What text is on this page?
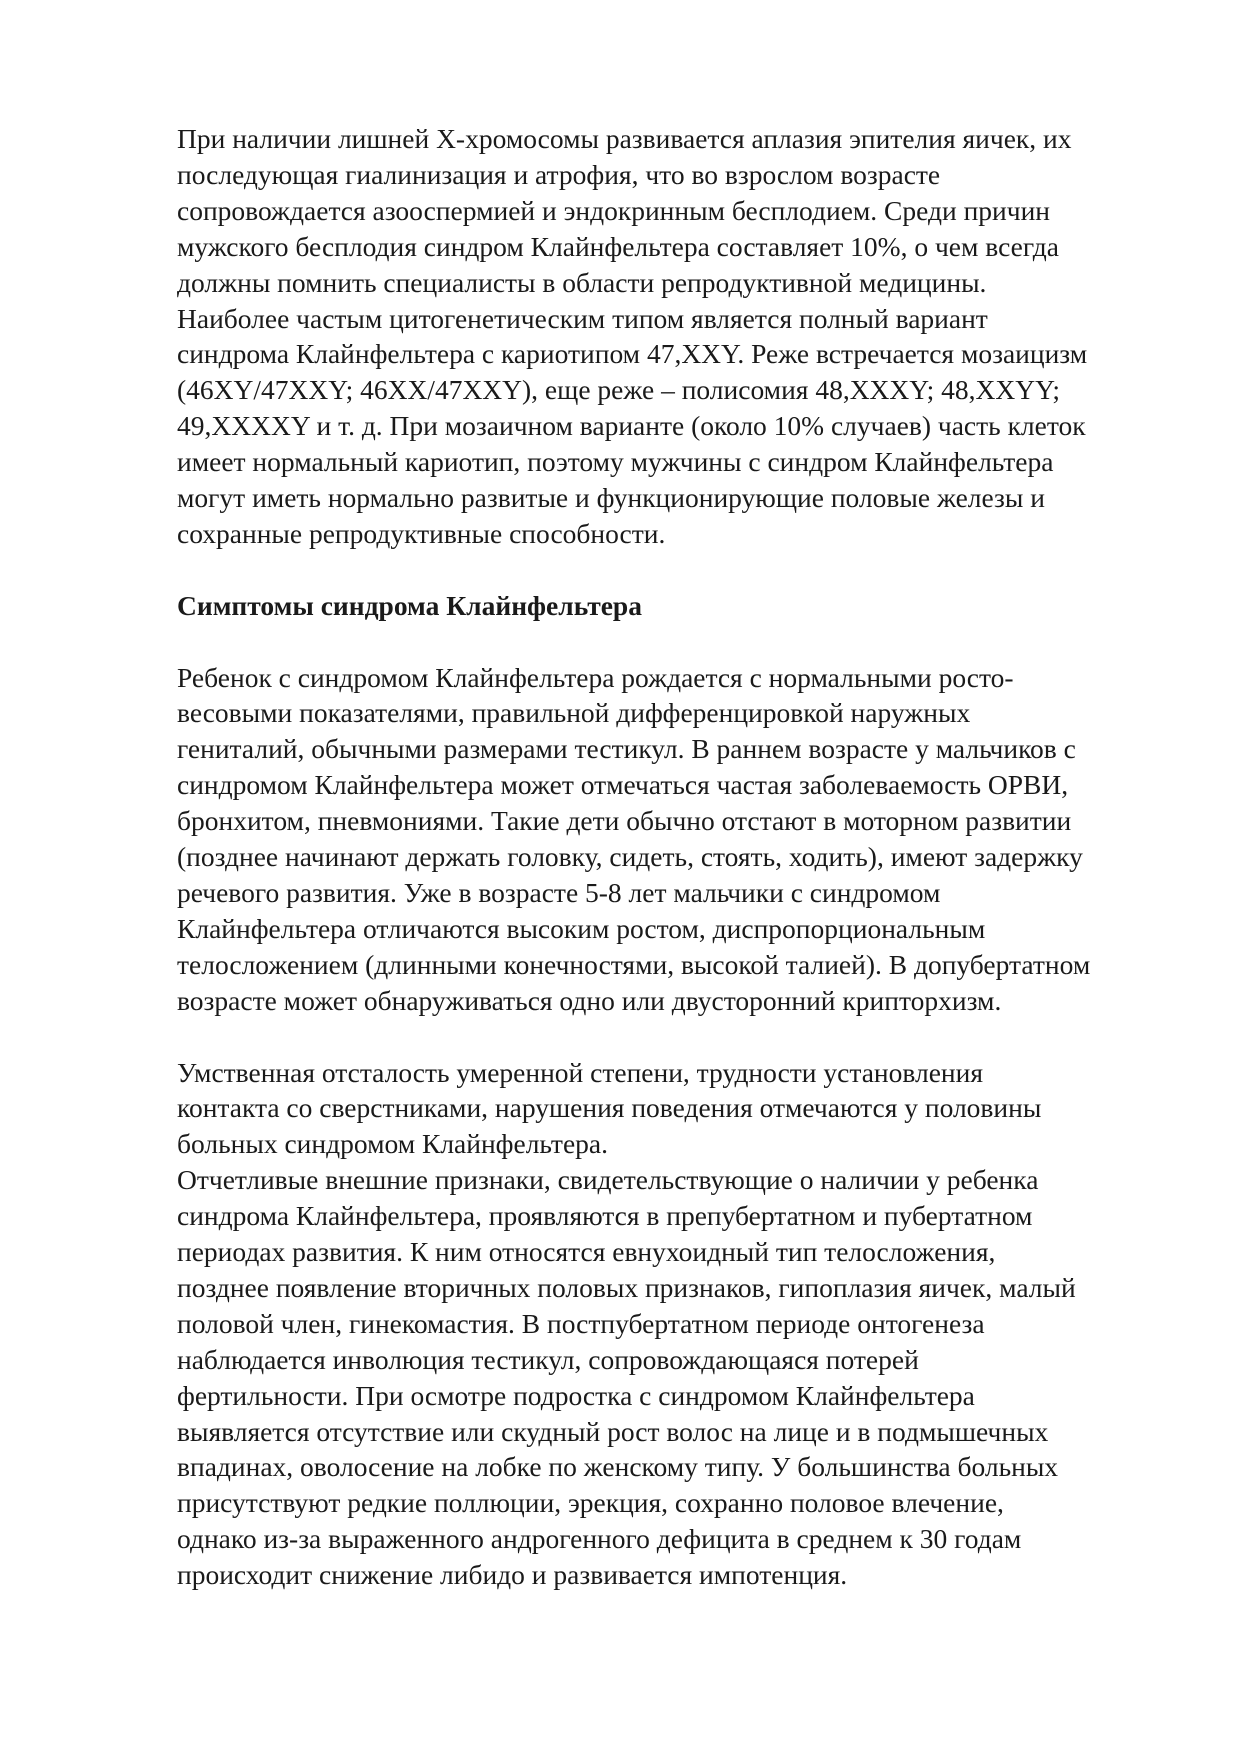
При наличии лишней Х-хромосомы развивается аплазия эпителия яичек, их
последующая гиалинизация и атрофия, что во взрослом возрасте
сопровождается азооспермией и эндокринным бесплодием. Среди причин
мужского бесплодия синдром Клайнфельтера составляет 10%, о чем всегда
должны помнить специалисты в области репродуктивной медицины.
Наиболее частым цитогенетическим типом является полный вариант
синдрома Клайнфельтера с кариотипом 47,XXY. Реже встречается мозаицизм
(46XY/47XXY; 46XX/47XXY), еще реже – полисомия 48,XXXY; 48,XXYY;
49,XXXXY и т. д. При мозаичном варианте (около 10% случаев) часть клеток
имеет нормальный кариотип, поэтому мужчины с синдром Клайнфельтера
могут иметь нормально развитые и функционирующие половые железы и
сохранные репродуктивные способности.
Симптомы синдрома Клайнфельтера
Ребенок с синдромом Клайнфельтера рождается с нормальными росто-
весовыми показателями, правильной дифференцировкой наружных
гениталий, обычными размерами тестикул. В раннем возрасте у мальчиков с
синдромом Клайнфельтера может отмечаться частая заболеваемость ОРВИ,
бронхитом, пневмониями. Такие дети обычно отстают в моторном развитии
(позднее начинают держать головку, сидеть, стоять, ходить), имеют задержку
речевого развития. Уже в возрасте 5-8 лет мальчики с синдромом
Клайнфельтера отличаются высоким ростом, диспропорциональным
телосложением (длинными конечностями, высокой талией). В допубертатном
возрасте может обнаруживаться одно или двусторонний крипторхизм.
Умственная отсталость умеренной степени, трудности установления
контакта со сверстниками, нарушения поведения отмечаются у половины
больных синдромом Клайнфельтера.
Отчетливые внешние признаки, свидетельствующие о наличии у ребенка
синдрома Клайнфельтера, проявляются в препубертатном и пубертатном
периодах развития. К ним относятся евнухоидный тип телосложения,
позднее появление вторичных половых признаков, гипоплазия яичек, малый
половой член, гинекомастия. В постпубертатном периоде онтогенеза
наблюдается инволюция тестикул, сопровождающаяся потерей
фертильности. При осмотре подростка с синдромом Клайнфельтера
выявляется отсутствие или скудный рост волос на лице и в подмышечных
впадинах, оволосение на лобке по женскому типу. У большинства больных
присутствуют редкие поллюции, эрекция, сохранно половое влечение,
однако из-за выраженного андрогенного дефицита в среднем к 30 годам
происходит снижение либидо и развивается импотенция.
